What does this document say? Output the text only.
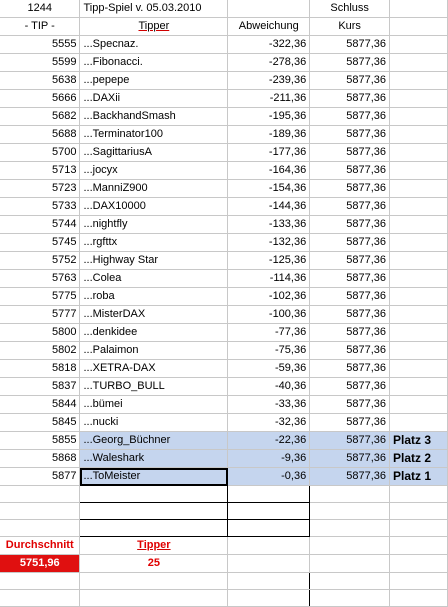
1244	Tipp-Spiel v. 05.03.2010		Schluss	
- TIP -	Tipper	Abweichung	Kurs	
5555	...Specnaz.	-322,36	5877,36	
5599	...Fibonacci.	-278,36	5877,36	
5638	...pepepe	-239,36	5877,36	
5666	...DAXii	-211,36	5877,36	
5682	...BackhandSmash	-195,36	5877,36	
5688	...Terminator100	-189,36	5877,36	
5700	...SagittariusA	-177,36	5877,36	
5713	...jocyx	-164,36	5877,36	
5723	...ManniZ900	-154,36	5877,36	
5733	...DAX10000	-144,36	5877,36	
5744	...nightfly	-133,36	5877,36	
5745	...rgfttx	-132,36	5877,36	
5752	...Highway Star	-125,36	5877,36	
5763	...Colea	-114,36	5877,36	
5775	...roba	-102,36	5877,36	
5777	...MisterDAX	-100,36	5877,36	
5800	...denkidee	-77,36	5877,36	
5802	...Palaimon	-75,36	5877,36	
5818	...XETRA-DAX	-59,36	5877,36	
5837	...TURBO_BULL	-40,36	5877,36	
5844	...bümei	-33,36	5877,36	
5845	...nucki	-32,36	5877,36	
5855	...Georg_Büchner	-22,36	5877,36	Platz 3
5868	...Waleshark	-9,36	5877,36	Platz 2
5877	...ToMeister	-0,36	5877,36	Platz 1

Durchschnitt	Tipper			
5751,96	25			
